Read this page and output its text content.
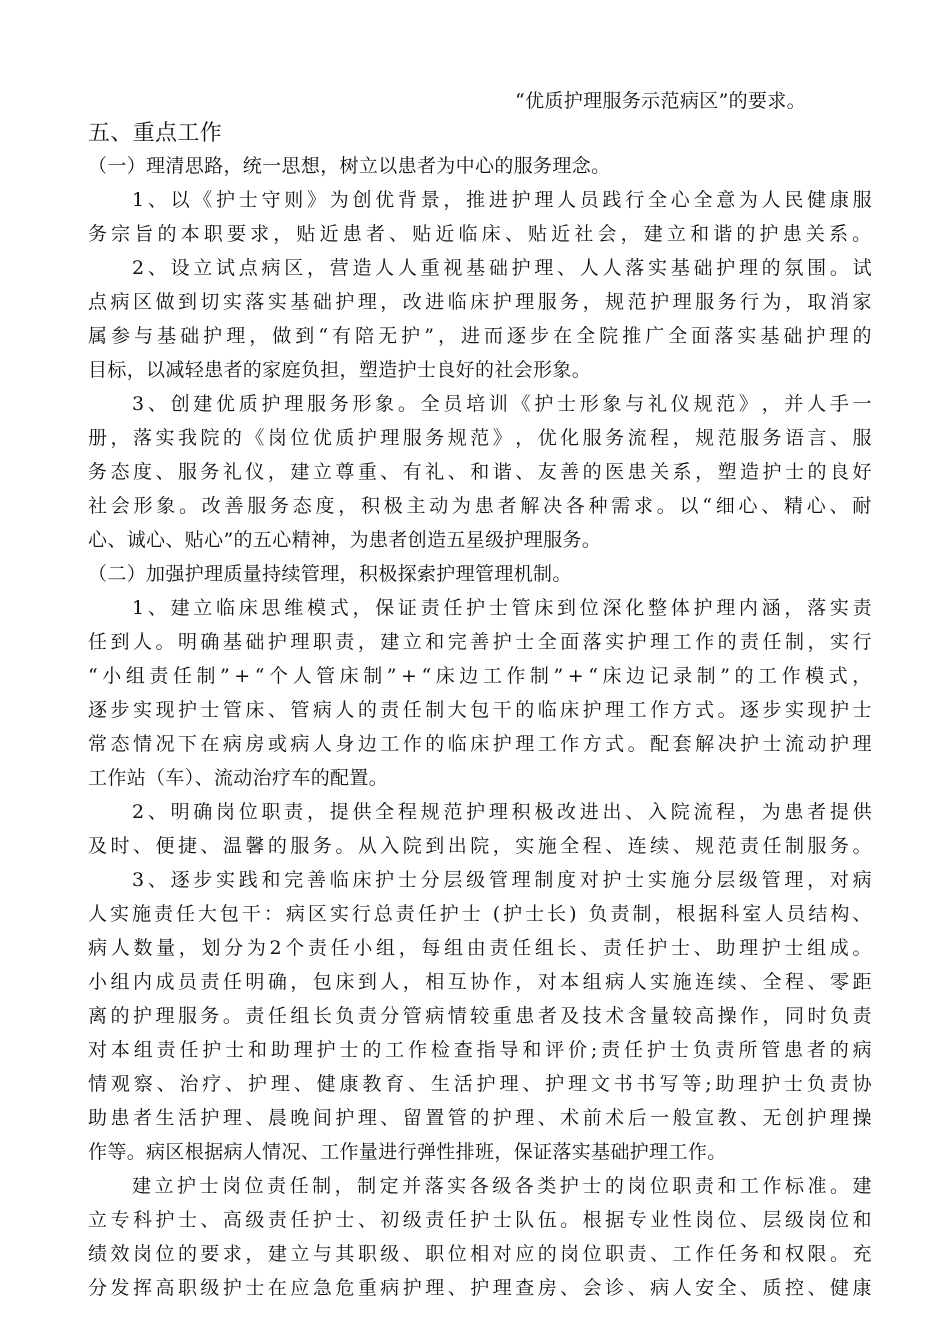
“优质护理服务示范病区”的要求。
五、重点工作
（一）理清思路，统一思想，树立以患者为中心的服务理念。
1 、 以 《 护 士 守 则 》 为 创 优 背 景 ， 推 进 护 理 人 员 践 行 全 心 全 意 为 人 民 健 康 服
务 宗 旨 的 本 职 要 求 ， 贴 近 患 者 、 贴 近 临 床 、 贴 近 社 会 ， 建 立 和 谐 的 护 患 关 系 。
2 、 设 立 试 点 病 区 ， 营 造 人 人 重 视 基 础 护 理 、 人 人 落 实 基 础 护 理 的 氛 围 。 试
点 病 区 做 到 切 实 落 实 基 础 护 理 ， 改 进 临 床 护 理 服 务 ， 规 范 护 理 服 务 行 为 ， 取 消 家
属 参 与 基 础 护 理 ， 做 到 “ 有 陪 无 护 ” ， 进 而 逐 步 在 全 院 推 广 全 面 落 实 基 础 护 理 的
目标，以减轻患者的家庭负担，塑造护士良好的社会形象。
3 、 创 建 优 质 护 理 服 务 形 象 。 全 员 培 训 《 护 士 形 象 与 礼 仪 规 范 》 ， 并 人 手 一
册 ， 落 实 我 院 的 《 岗 位 优 质 护 理 服 务 规 范 》 ， 优 化 服 务 流 程 ， 规 范 服 务 语 言 、 服
务 态 度 、 服 务 礼 仪 ， 建 立 尊 重 、 有 礼 、 和 谐 、 友 善 的 医 患 关 系 ， 塑 造 护 士 的 良 好
社 会 形 象 。 改 善 服 务 态 度 ， 积 极 主 动 为 患 者 解 决 各 种 需 求 。 以 “ 细 心 、 精 心 、 耐
心、诚心、贴心”的五心精神，为患者创造五星级护理服务。
（二）加强护理质量持续管理，积极探索护理管理机制。
1 、 建 立 临 床 思 维 模 式 ， 保 证 责 任 护 士 管 床 到 位 深 化 整 体 护 理 内 涵 ， 落 实 责
任 到 人 。 明 确 基 础 护 理 职 责 ， 建 立 和 完 善 护 士 全 面 落 实 护 理 工 作 的 责 任 制 ， 实 行
“ 小 组 责 任 制 ” + “ 个 人 管 床 制 ” + “ 床 边 工 作 制 ” + “ 床 边 记 录 制 ” 的 工 作 模 式 ，
逐 步 实 现 护 士 管 床 、 管 病 人 的 责 任 制 大 包 干 的 临 床 护 理 工 作 方 式 。 逐 步 实 现 护 士
常 态 情 况 下 在 病 房 或 病 人 身 边 工 作 的 临 床 护 理 工 作 方 式 。 配 套 解 决 护 士 流 动 护 理
工作站（车）、流动治疗车的配置。
2 、 明 确 岗 位 职 责 ， 提 供 全 程 规 范 护 理 积 极 改 进 出 、 入 院 流 程 ， 为 患 者 提 供
及 时 、 便 捷 、 温 馨 的 服 务 。 从 入 院 到 出 院 ， 实 施 全 程 、 连 续 、 规 范 责 任 制 服 务 。
3 、 逐 步 实 践 和 完 善 临 床 护 士 分 层 级 管 理 制 度 对 护 士 实 施 分 层 级 管 理 ， 对 病
人 实 施 责 任 大 包 干 ： 病 区 实 行 总 责 任 护 士
( 护 士 长 )
负 责 制 ， 根 据 科 室 人 员 结 构 、
病 人 数 量 ， 划 分 为 2 个 责 任 小 组 ， 每 组 由 责 任 组 长 、 责 任 护 士 、 助 理 护 士 组 成 。
小 组 内 成 员 责 任 明 确 ， 包 床 到 人 ， 相 互 协 作 ， 对 本 组 病 人 实 施 连 续 、 全 程 、 零 距
离 的 护 理 服 务 。 责 任 组 长 负 责 分 管 病 情 较 重 患 者 及 技 术 含 量 较 高 操 作 ， 同 时 负 责
对 本 组 责 任 护 士 和 助 理 护 士 的 工 作 检 查 指 导 和 评 价 ; 责 任 护 士 负 责 所 管 患 者 的 病
情 观 察 、 治 疗 、 护 理 、 健 康 教 育 、 生 活 护 理 、 护 理 文 书 书 写 等 ; 助 理 护 士 负 责 协
助 患 者 生 活 护 理 、 晨 晚 间 护 理 、 留 置 管 的 护 理 、 术 前 术 后 一 般 宣 教 、 无 创 护 理 操
作等。病区根据病人情况、工作量进行弹性排班，保证落实基础护理工作。
建 立 护 士 岗 位 责 任 制 ， 制 定 并 落 实 各 级 各 类 护 士 的 岗 位 职 责 和 工 作 标 准 。 建
立 专 科 护 士 、 高 级 责 任 护 士 、 初 级 责 任 护 士 队 伍 。 根 据 专 业 性 岗 位 、 层 级 岗 位 和
绩 效 岗 位 的 要 求 ， 建 立 与 其 职 级 、 职 位 相 对 应 的 岗 位 职 责 、 工 作 任 务 和 权 限 。 充
分 发 挥 高 职 级 护 士 在 应 急 危 重 病 护 理 、 护 理 查 房 、 会 诊 、 病 人 安 全 、 质 控 、 健 康
